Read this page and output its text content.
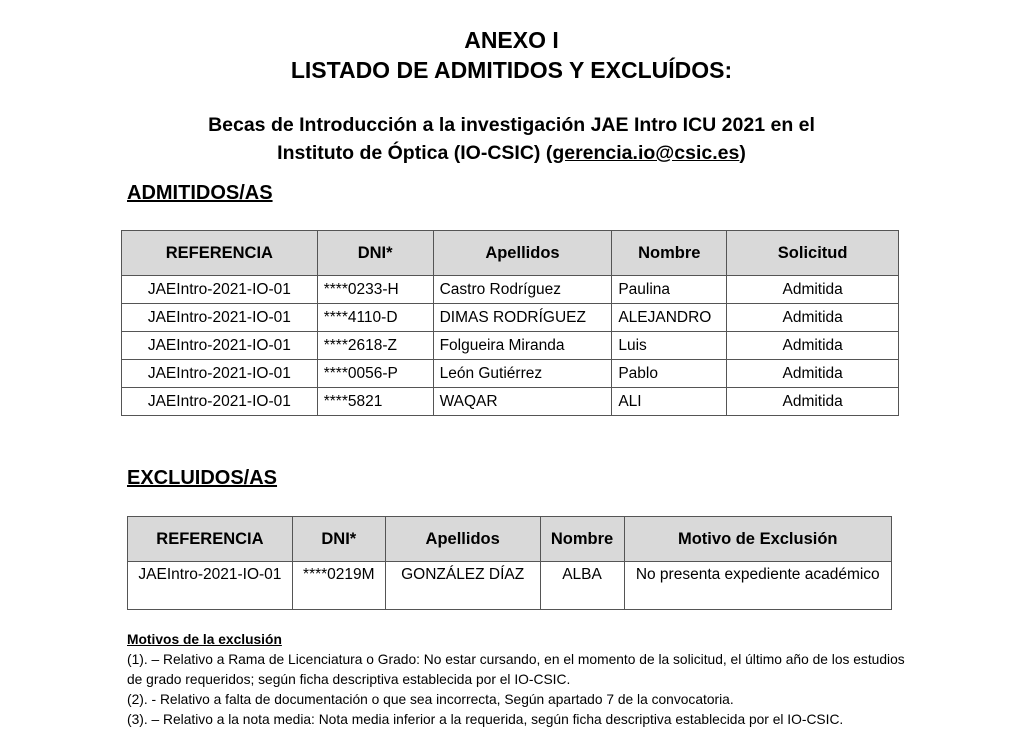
ANEXO I
LISTADO DE ADMITIDOS Y EXCLUÍDOS:
Becas de Introducción a la investigación JAE Intro ICU 2021 en el
Instituto de Óptica (IO-CSIC) (gerencia.io@csic.es)
ADMITIDOS/AS
REFERENCIA	DNI*	Apellidos	Nombre	Solicitud
JAEIntro-2021-IO-01	****0233-H	Castro Rodríguez	Paulina	Admitida
JAEIntro-2021-IO-01	****4110-D	DIMAS RODRÍGUEZ	ALEJANDRO	Admitida
JAEIntro-2021-IO-01	****2618-Z	Folgueira Miranda	Luis	Admitida
JAEIntro-2021-IO-01	****0056-P	León Gutiérrez	Pablo	Admitida
JAEIntro-2021-IO-01	****5821	WAQAR	ALI	Admitida
EXCLUIDOS/AS
REFERENCIA	DNI*	Apellidos	Nombre	Motivo de Exclusión
JAEIntro-2021-IO-01	****0219M	GONZÁLEZ DÍAZ	ALBA	No presenta expediente académico
Motivos de la exclusión

(1). – Relativo a Rama de Licenciatura o Grado: No estar cursando, en el momento de la solicitud, el último año de los estudios de grado requeridos; según ficha descriptiva establecida por el IO-CSIC.

(2). - Relativo a falta de documentación o que sea incorrecta, Según apartado 7 de la convocatoria.

(3). – Relativo a la nota media: Nota media inferior a la requerida, según ficha descriptiva establecida por el IO-CSIC.
